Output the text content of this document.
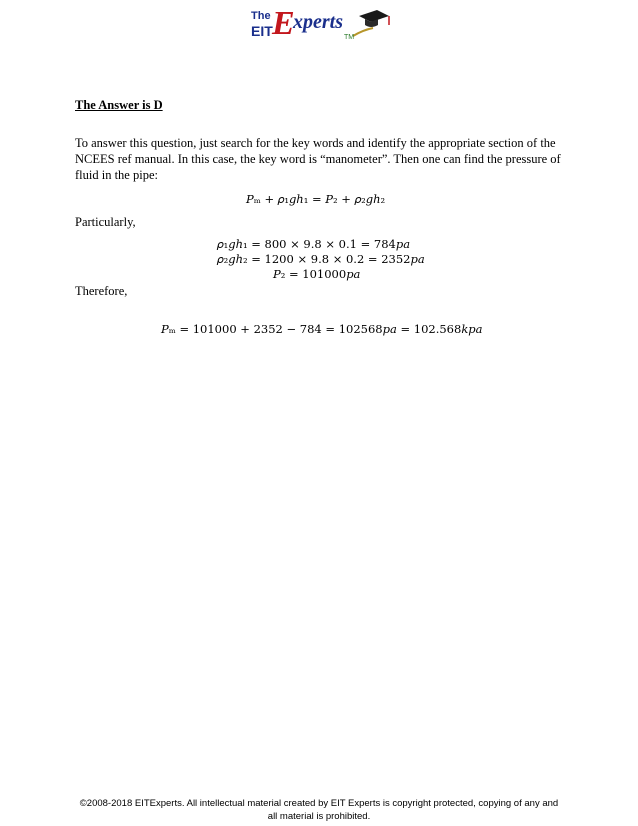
The
EIT E
xperts
TM
The Answer is D
To answer this question, just search for the key words and identify the appropriate section of the NCEES ref manual. In this case, the key word is “manometer”. Then one can find the pressure of fluid in the pipe:
𝑃ₘ + 𝜌₁𝑔ℎ₁ = 𝑃₂ + 𝜌₂𝑔ℎ₂
Particularly,
𝜌₁𝑔ℎ₁ = 800 × 9.8 × 0.1 = 784𝑝𝑎
𝜌₂𝑔ℎ₂ = 1200 × 9.8 × 0.2 = 2352𝑝𝑎
𝑃₂ = 101000𝑝𝑎
Therefore,
𝑃ₘ = 101000 + 2352 − 784 = 102568𝑝𝑎 = 102.568𝑘𝑝𝑎
©2008-2018 EITExperts. All intellectual material created by EIT Experts is copyright protected, copying of any and
all material is prohibited.
